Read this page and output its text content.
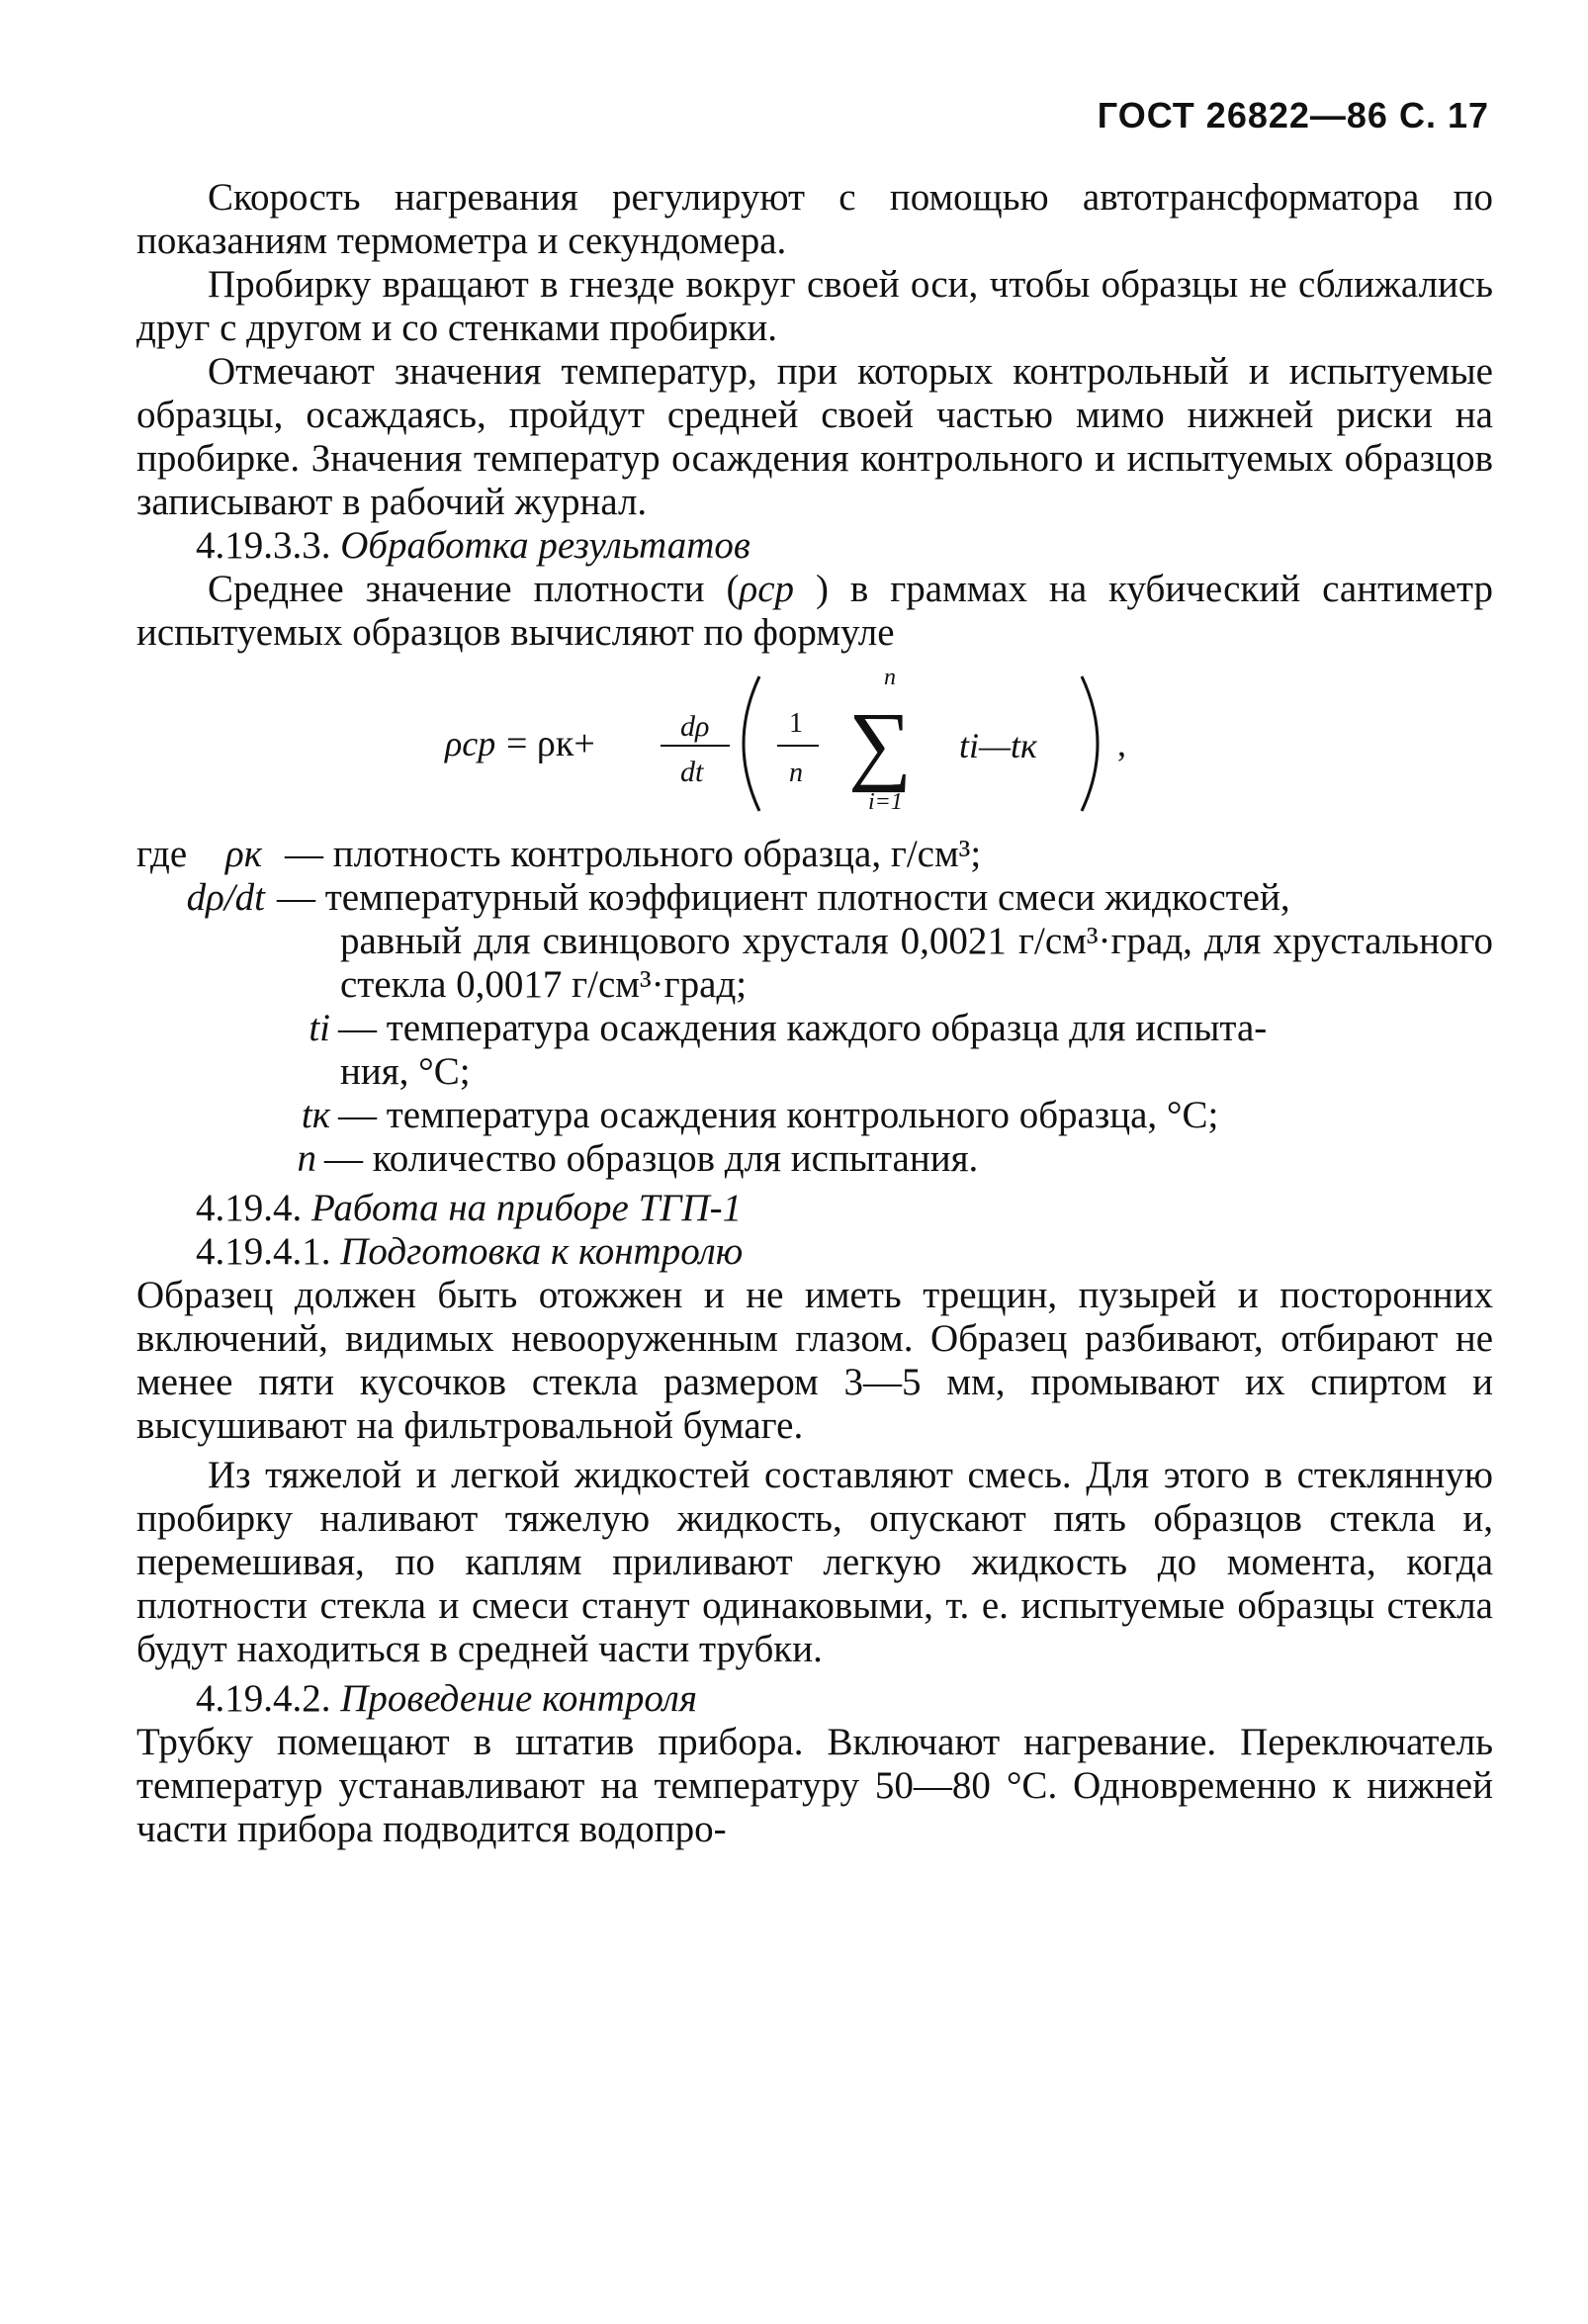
ГОСТ 26822—86 С. 17

Скорость нагревания регулируют с помощью автотрансформатора по показаниям термометра и секундомера.

Пробирку вращают в гнезде вокруг своей оси, чтобы образцы не сближались друг с другом и со стенками пробирки.

Отмечают значения температур, при которых контрольный и испытуемые образцы, осаждаясь, пройдут средней своей частью мимо нижней риски на пробирке. Значения температур осаждения контрольного и испытуемых образцов записывают в рабочий журнал.

4.19.3.3. Обработка результатов

Среднее значение плотности (ρср ) в граммах на кубический сантиметр испытуемых образцов вычисляют по формуле

ρср = ρк+	dρ
dt
1
n
n
∑
i=1
ti—tк ,
где ρк — плотность контрольного образца, г/см³;
dρ/dt — температурный коэффициент плотности смеси жидкостей,

равный для свинцового хрусталя 0,0021 г/см³·град, для хрустального стекла 0,0017 г/см³·град;

ti — температура осаждения каждого образца для испыта-

ния, °С;

tк — температура осаждения контрольного образца, °С;
n — количество образцов для испытания.

4.19.4. Работа на приборе ТГП-1

4.19.4.1. Подготовка к контролю

Образец должен быть отожжен и не иметь трещин, пузырей и посторонних включений, видимых невооруженным глазом. Образец разбивают, отбирают не менее пяти кусочков стекла размером 3—5 мм, промывают их спиртом и высушивают на фильтровальной бумаге.

Из тяжелой и легкой жидкостей составляют смесь. Для этого в стеклянную пробирку наливают тяжелую жидкость, опускают пять образцов стекла и, перемешивая, по каплям приливают легкую жидкость до момента, когда плотности стекла и смеси станут одинаковыми, т. е. испытуемые образцы стекла будут находиться в средней части трубки.

4.19.4.2. Проведение контроля

Трубку помещают в штатив прибора. Включают нагревание. Переключатель температур устанавливают на температуру 50—80 °С. Одновременно к нижней части прибора подводится водопро-
